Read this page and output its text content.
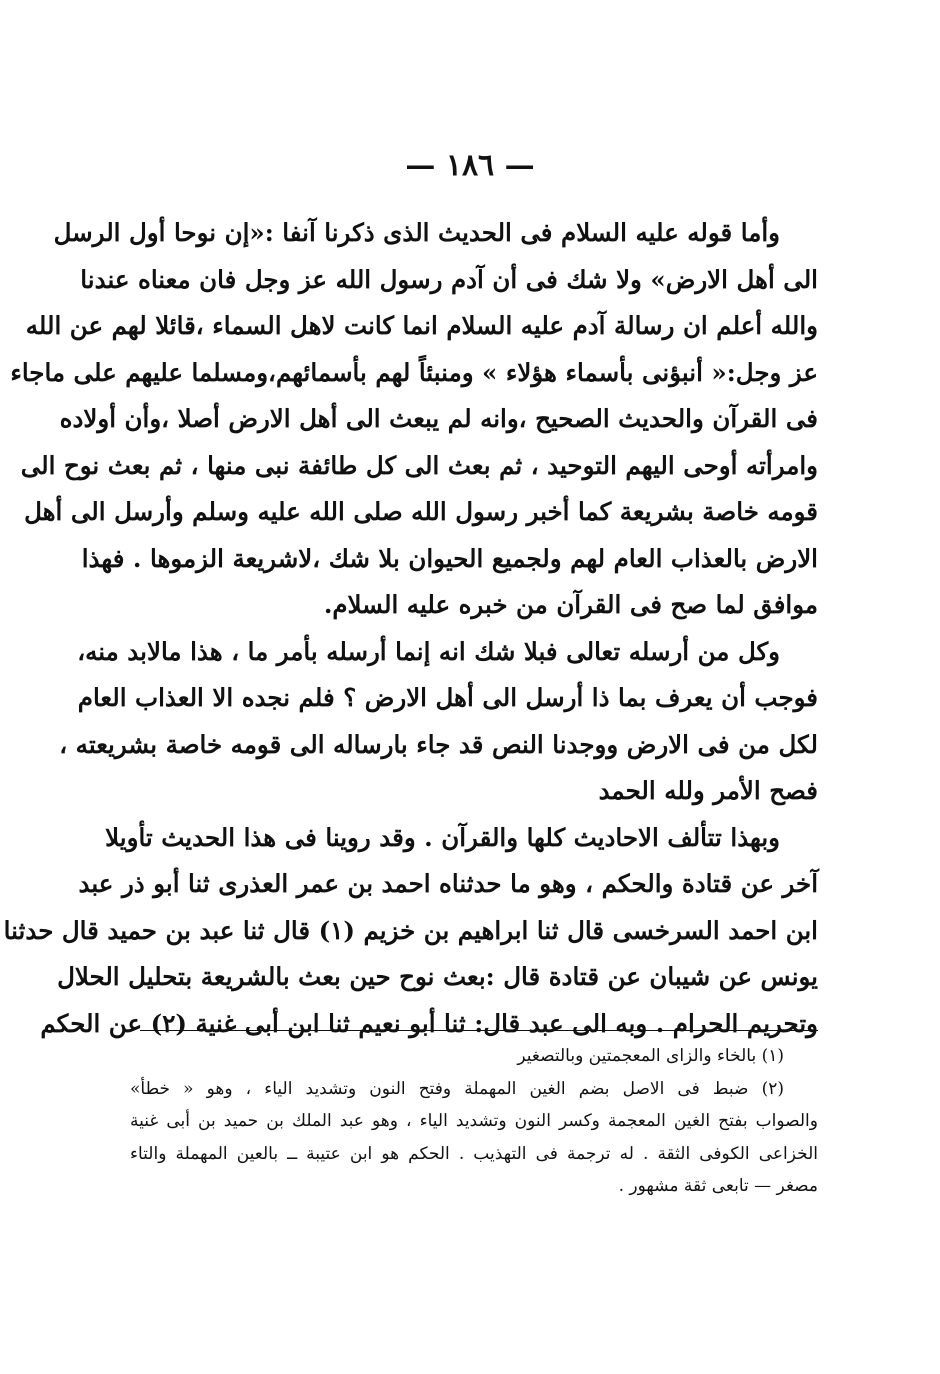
— ١٨٦ —
وأما قوله عليه السلام فى الحديث الذى ذكرنا آنفا :«إن نوحا أول الرسل
الى أهل الارض» ولا شك فى أن آدم رسول الله عز وجل فان معناه عندنا
والله أعلم ان رسالة آدم عليه السلام انما كانت لاهل السماء ،قائلا لهم عن الله
عز وجل:« أنبؤنى بأسماء هؤلاء » ومنبئاً لهم بأسمائهم،ومسلما عليهم على ماجاء
فى القرآن والحديث الصحيح ،وانه لم يبعث الى أهل الارض أصلا ،وأن أولاده
وامرأته أوحى اليهم التوحيد ، ثم بعث الى كل طائفة نبى منها ، ثم بعث نوح الى
قومه خاصة بشريعة كما أخبر رسول الله صلى الله عليه وسلم وأرسل الى أهل
الارض بالعذاب العام لهم ولجميع الحيوان بلا شك ،لاشريعة الزموها . فهذا
موافق لما صح فى القرآن من خبره عليه السلام.
وكل من أرسله تعالى فبلا شك انه إنما أرسله بأمر ما ، هذا مالابد منه،
فوجب أن يعرف بما ذا أرسل الى أهل الارض ؟ فلم نجده الا العذاب العام
لكل من فى الارض ووجدنا النص قد جاء بارساله الى قومه خاصة بشريعته ،
فصح الأمر ولله الحمد
وبهذا تتألف الاحاديث كلها والقرآن . وقد روينا فى هذا الحديث تأويلا
آخر عن قتادة والحكم ، وهو ما حدثناه احمد بن عمر العذرى ثنا أبو ذر عبد
ابن احمد السرخسى قال ثنا ابراهيم بن خزيم (١) قال ثنا عبد بن حميد قال حدثنا
يونس عن شيبان عن قتادة قال :بعث نوح حين بعث بالشريعة بتحليل الحلال
وتحريم الحرام . وبه الى عبد قال: ثنا أبو نعيم ثنا ابن أبى غنية (٢) عن الحكم
(١) بالخاء والزاى المعجمتين وبالتصغير
(٢) ضبط فى الاصل بضم الغين المهملة وفتح النون وتشديد الياء ، وهو « خطأ»
والصواب بفتح الغين المعجمة وكسر النون وتشديد الياء ، وهو عبد الملك بن حميد بن أبى غنية
الخزاعى الكوفى الثقة . له ترجمة فى التهذيب . الحكم هو ابن عتيبة ــ بالعين المهملة والتاء
مصغر — تابعى ثقة مشهور .
